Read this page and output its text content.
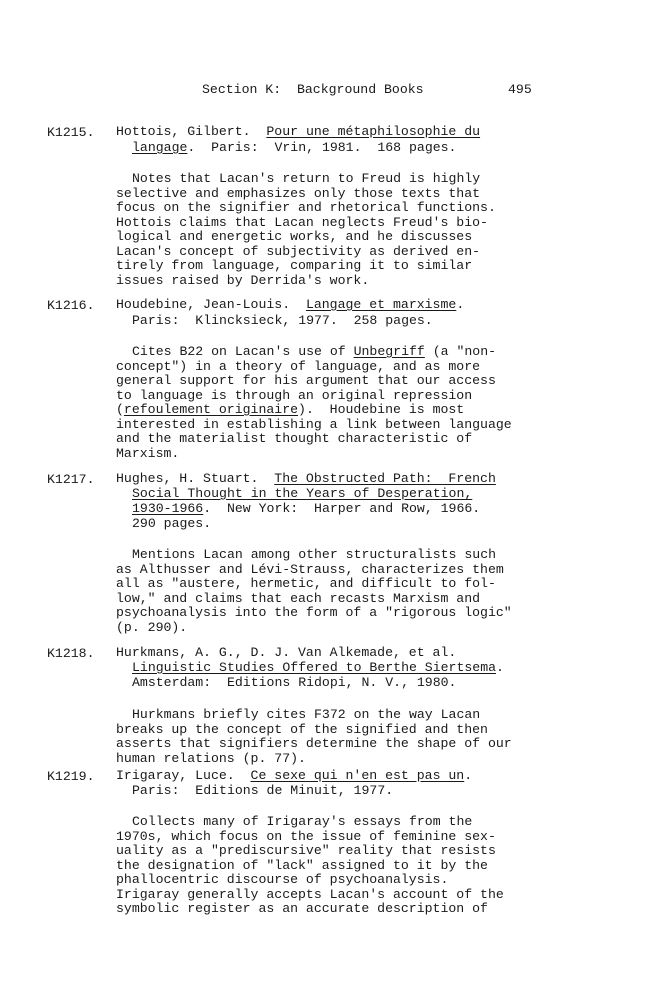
Section K:  Background Books	495
K1215. Hottois, Gilbert.  Pour une métaphilosophie du
langage.  Paris:  Vrin, 1981.  168 pages.
Notes that Lacan's return to Freud is highly
selective and emphasizes only those texts that
focus on the signifier and rhetorical functions.
Hottois claims that Lacan neglects Freud's bio-
logical and energetic works, and he discusses
Lacan's concept of subjectivity as derived en-
tirely from language, comparing it to similar
issues raised by Derrida's work.
K1216. Houdebine, Jean-Louis.  Langage et marxisme.
Paris:  Klincksieck, 1977.  258 pages.
Cites B22 on Lacan's use of Unbegriff (a "non-
concept") in a theory of language, and as more
general support for his argument that our access
to language is through an original repression
(refoulement originaire).  Houdebine is most
interested in establishing a link between language
and the materialist thought characteristic of
Marxism.
K1217. Hughes, H. Stuart.  The Obstructed Path:  French
Social Thought in the Years of Desperation,
1930-1966.  New York:  Harper and Row, 1966.
290 pages.
Mentions Lacan among other structuralists such
as Althusser and Lévi-Strauss, characterizes them
all as "austere, hermetic, and difficult to fol-
low," and claims that each recasts Marxism and
psychoanalysis into the form of a "rigorous logic"
(p. 290).
K1218. Hurkmans, A. G., D. J. Van Alkemade, et al.
Linguistic Studies Offered to Berthe Siertsema.
Amsterdam:  Editions Ridopi, N. V., 1980.
Hurkmans briefly cites F372 on the way Lacan
breaks up the concept of the signified and then
asserts that signifiers determine the shape of our
human relations (p. 77).
K1219. Irigaray, Luce.  Ce sexe qui n'en est pas un.
Paris:  Editions de Minuit, 1977.
Collects many of Irigaray's essays from the
1970s, which focus on the issue of feminine sex-
uality as a "prediscursive" reality that resists
the designation of "lack" assigned to it by the
phallocentric discourse of psychoanalysis.
Irigaray generally accepts Lacan's account of the
symbolic register as an accurate description of
